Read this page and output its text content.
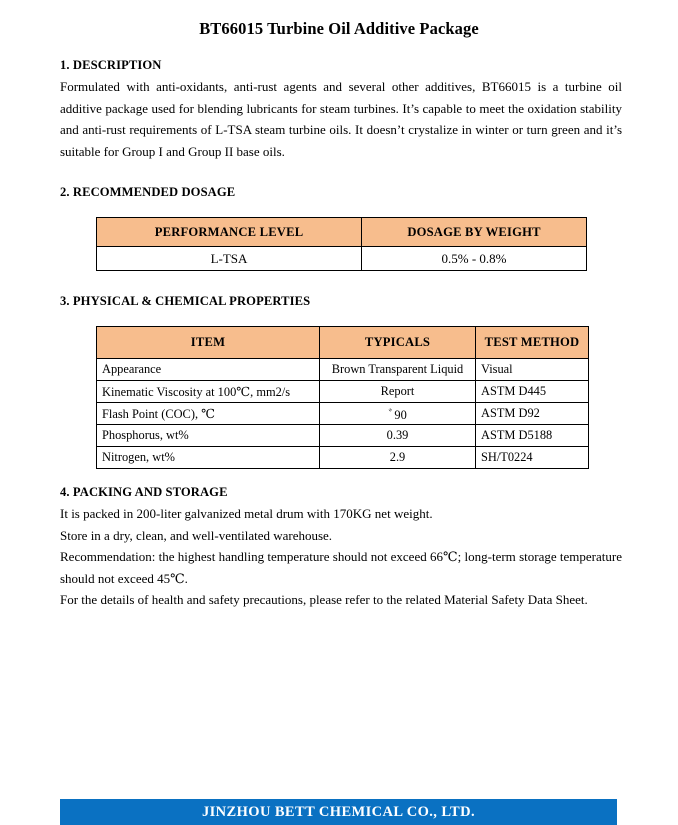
BT66015 Turbine Oil Additive Package
1. DESCRIPTION

Formulated with anti-oxidants, anti-rust agents and several other additives, BT66015 is a turbine oil additive package used for blending lubricants for steam turbines. It’s capable to meet the oxidation stability and anti-rust requirements of L-TSA steam turbine oils. It doesn’t crystalize in winter or turn green and it’s suitable for Group I and Group II base oils.

2. RECOMMENDED DOSAGE
PERFORMANCE LEVEL	DOSAGE BY WEIGHT
L-TSA	0.5% - 0.8%
3. PHYSICAL & CHEMICAL PROPERTIES
ITEM	TYPICALS	TEST METHOD
Appearance	Brown Transparent Liquid	Visual
Kinematic Viscosity at 100℃, mm2/s	Report	ASTM D445
Flash Point (COC), ℃	ﾞ90	ASTM D92
Phosphorus, wt%	0.39	ASTM D5188
Nitrogen, wt%	2.9	SH/T0224
4. PACKING AND STORAGE

It is packed in 200-liter galvanized metal drum with 170KG net weight.

Store in a dry, clean, and well-ventilated warehouse.

Recommendation: the highest handling temperature should not exceed 66℃; long-term storage temperature should not exceed 45℃.

For the details of health and safety precautions, please refer to the related Material Safety Data Sheet.

JINZHOU BETT CHEMICAL CO., LTD.
